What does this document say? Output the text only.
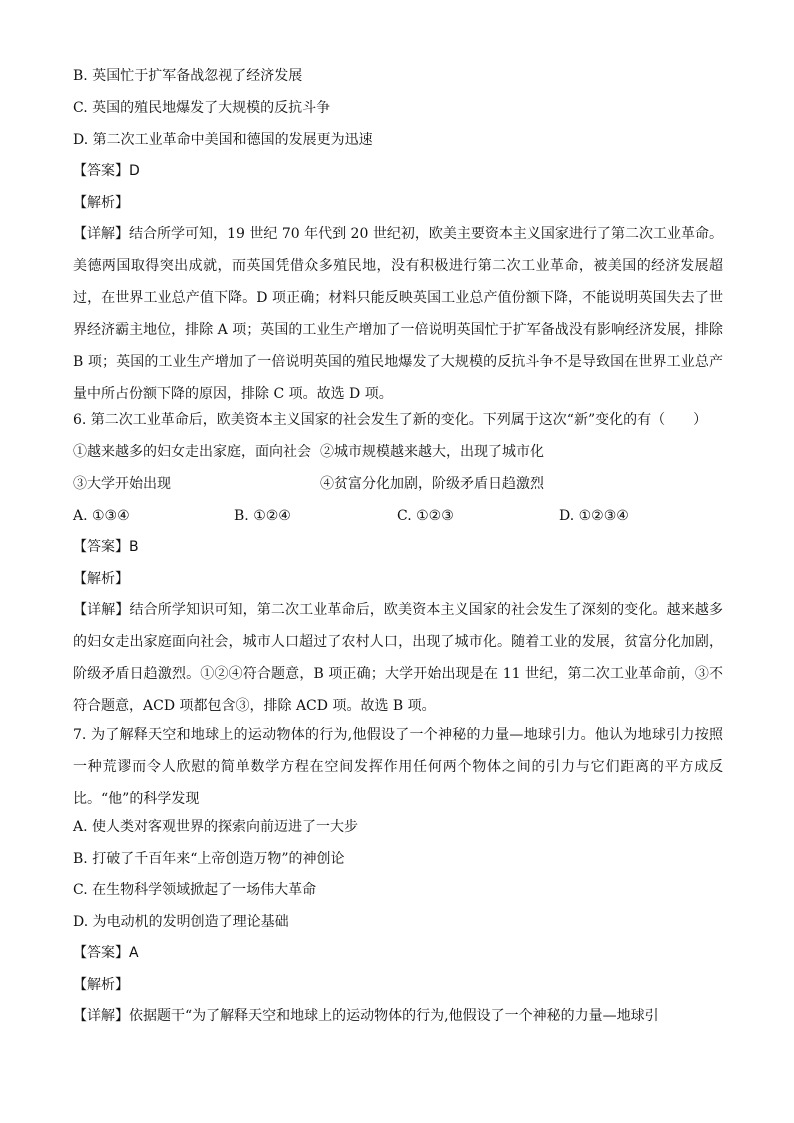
B. 英国忙于扩军备战忽视了经济发展
C. 英国的殖民地爆发了大规模的反抗斗争
D. 第二次工业革命中美国和德国的发展更为迅速
【答案】D
【解析】
【详解】结合所学可知，19 世纪 70 年代到 20 世纪初，欧美主要资本主义国家进行了第二次工业革命。美德两国取得突出成就，而英国凭借众多殖民地，没有积极进行第二次工业革命，被美国的经济发展超过，在世界工业总产值下降。D 项正确；材料只能反映英国工业总产值份额下降，不能说明英国失去了世界经济霸主地位，排除 A 项；英国的工业生产增加了一倍说明英国忙于扩军备战没有影响经济发展，排除 B 项；英国的工业生产增加了一倍说明英国的殖民地爆发了大规模的反抗斗争不是导致国在世界工业总产量中所占份额下降的原因，排除 C 项。故选 D 项。
6. 第二次工业革命后，欧美资本主义国家的社会发生了新的变化。下列属于这次“新”变化的有（　　）
①越来越多的妇女走出家庭，面向社会 ②城市规模越来越大，出现了城市化
③大学开始出现	④贫富分化加剧，阶级矛盾日趋激烈
A. ①③④	B. ①②④	C. ①②③	D. ①②③④
【答案】B
【解析】
【详解】结合所学知识可知，第二次工业革命后，欧美资本主义国家的社会发生了深刻的变化。越来越多的妇女走出家庭面向社会，城市人口超过了农村人口，出现了城市化。随着工业的发展，贫富分化加剧，阶级矛盾日趋激烈。①②④符合题意，B 项正确；大学开始出现是在 11 世纪，第二次工业革命前，③不符合题意，ACD 项都包含③，排除 ACD 项。故选 B 项。
7. 为了解释天空和地球上的运动物体的行为,他假设了一个神秘的力量—地球引力。他认为地球引力按照一种荒谬而令人欣慰的简单数学方程在空间发挥作用任何两个物体之间的引力与它们距离的平方成反比。“他”的科学发现
A. 使人类对客观世界的探索向前迈进了一大步
B. 打破了千百年来“上帝创造万物”的神创论
C. 在生物科学领域掀起了一场伟大革命
D. 为电动机的发明创造了理论基础
【答案】A
【解析】
【详解】依据题干“为了解释天空和地球上的运动物体的行为,他假设了一个神秘的力量—地球引
